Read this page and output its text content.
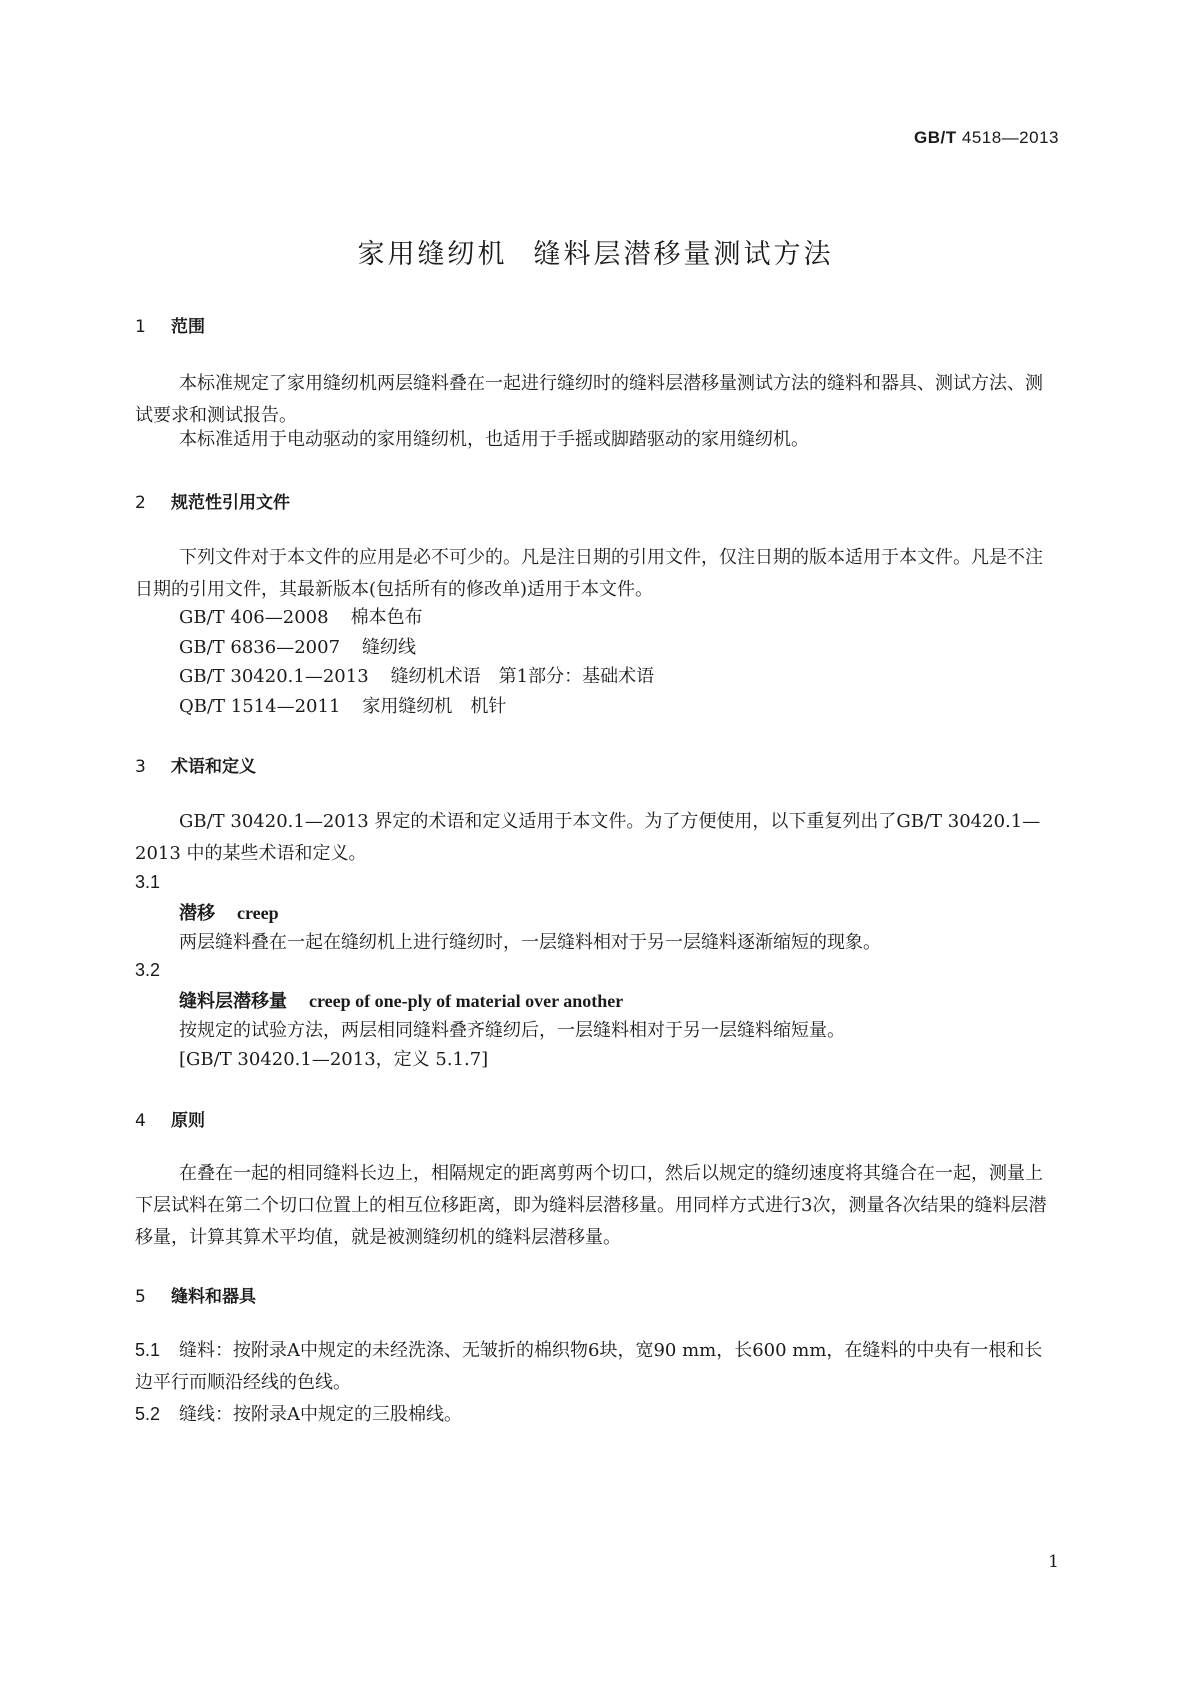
GB/T 4518—2013
家用缝纫机 缝料层潜移量测试方法
1 范围
本标准规定了家用缝纫机两层缝料叠在一起进行缝纫时的缝料层潜移量测试方法的缝料和器具、测试方法、测试要求和测试报告。
本标准适用于电动驱动的家用缝纫机，也适用于手摇或脚踏驱动的家用缝纫机。
2 规范性引用文件
下列文件对于本文件的应用是必不可少的。凡是注日期的引用文件，仅注日期的版本适用于本文件。凡是不注日期的引用文件，其最新版本(包括所有的修改单)适用于本文件。
GB/T 406—2008 棉本色布
GB/T 6836—2007 缝纫线
GB/T 30420.1—2013 缝纫机术语　第1部分：基础术语
QB/T 1514—2011 家用缝纫机　机针
3 术语和定义
GB/T 30420.1—2013 界定的术语和定义适用于本文件。为了方便使用，以下重复列出了GB/T 30420.1—2013 中的某些术语和定义。
3.1
潜移 creep
两层缝料叠在一起在缝纫机上进行缝纫时，一层缝料相对于另一层缝料逐渐缩短的现象。
3.2
缝料层潜移量 creep of one-ply of material over another
按规定的试验方法，两层相同缝料叠齐缝纫后，一层缝料相对于另一层缝料缩短量。
[GB/T 30420.1—2013，定义 5.1.7]
4 原则
在叠在一起的相同缝料长边上，相隔规定的距离剪两个切口，然后以规定的缝纫速度将其缝合在一起，测量上下层试料在第二个切口位置上的相互位移距离，即为缝料层潜移量。用同样方式进行3次，测量各次结果的缝料层潜移量，计算其算术平均值，就是被测缝纫机的缝料层潜移量。
5 缝料和器具
5.1 缝料：按附录A中规定的未经洗涤、无皱折的棉织物6块，宽90 mm，长600 mm，在缝料的中央有一根和长边平行而顺沿经线的色线。
5.2 缝线：按附录A中规定的三股棉线。
1
